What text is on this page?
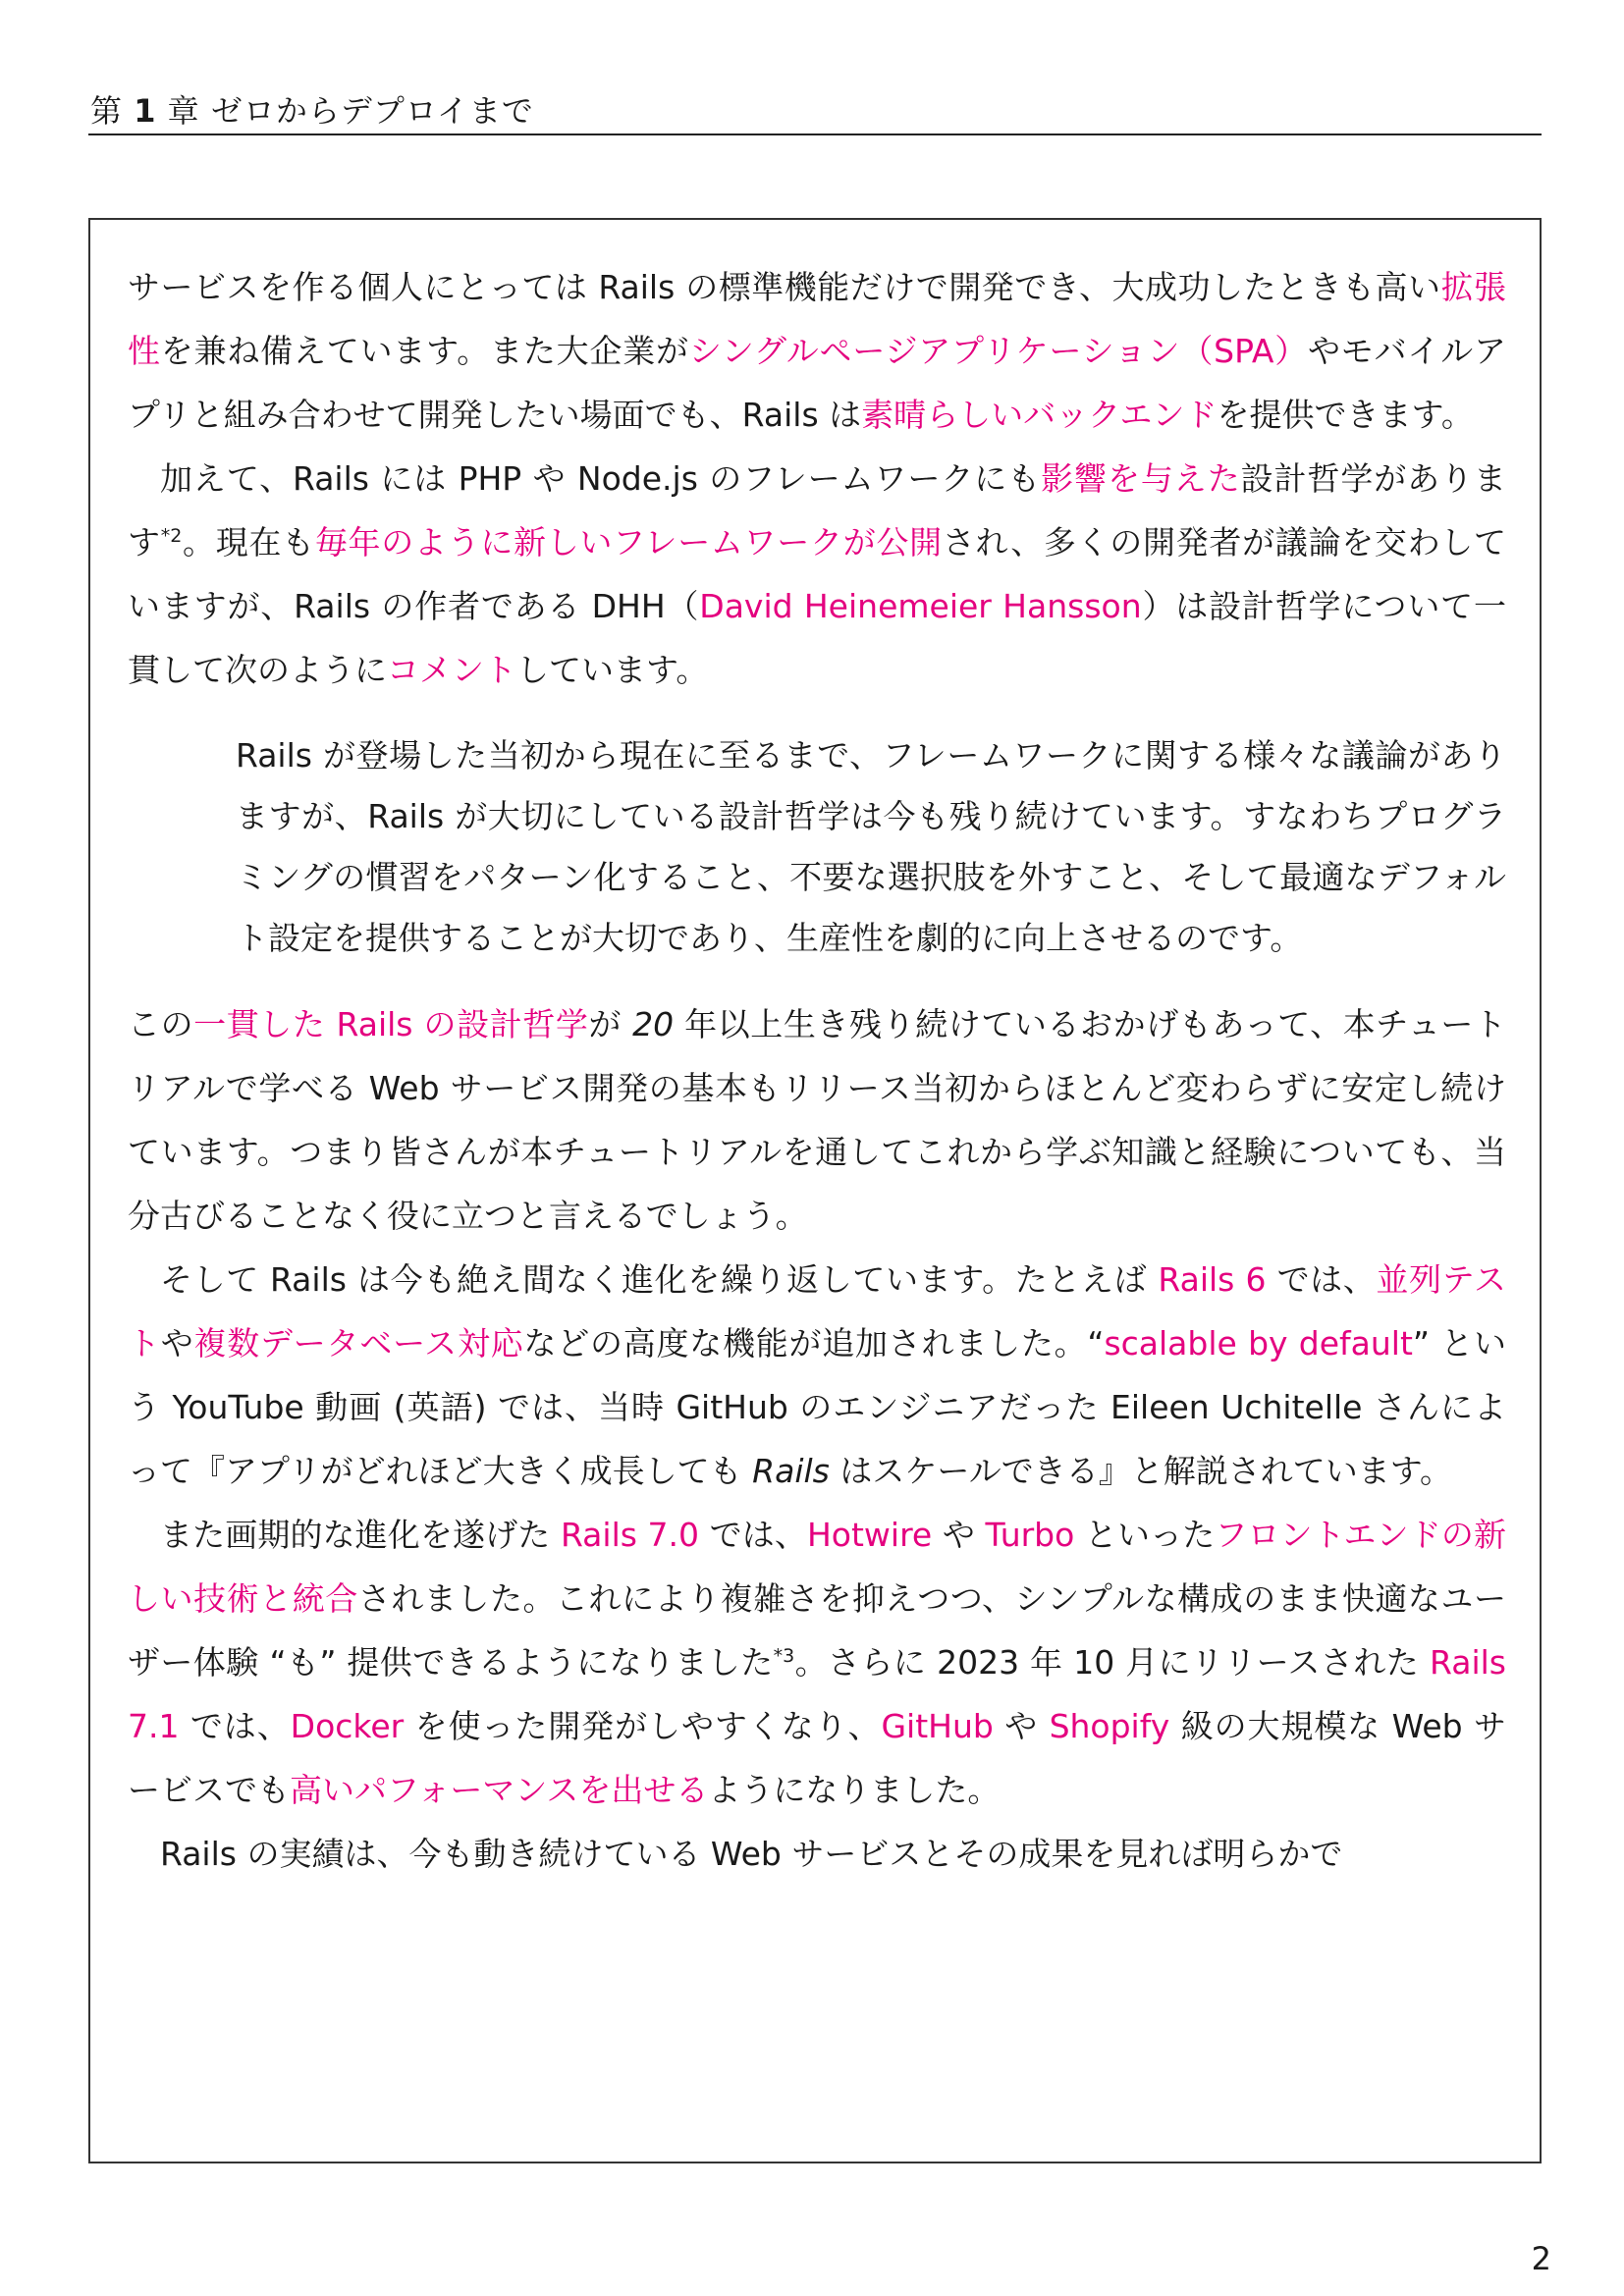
第 1 章 ゼロからデプロイまで

サービスを作る個人にとっては Rails の標準機能だけで開発でき、大成功したときも高い拡張性を兼ね備えています。また大企業がシングルページアプリケーション（SPA）やモバイルアプリと組み合わせて開発したい場面でも、Rails は素晴らしいバックエンドを提供できます。

加えて、Rails には PHP や Node.js のフレームワークにも影響を与えた設計哲学があります$^{*2}$。現在も毎年のように新しいフレームワークが公開され、多くの開発者が議論を交わしていますが、Rails の作者である DHH（David Heinemeier Hansson）は設計哲学について一貫して次のようにコメントしています。

Rails が登場した当初から現在に至るまで、フレームワークに関する様々な議論がありますが、Rails が大切にしている設計哲学は今も残り続けています。すなわちプログラミングの慣習をパターン化すること、不要な選択肢を外すこと、そして最適なデフォルト設定を提供することが大切であり、生産性を劇的に向上させるのです。

この一貫した Rails の設計哲学が 20 年以上生き残り続けているおかげもあって、本チュートリアルで学べる Web サービス開発の基本もリリース当初からほとんど変わらずに安定し続けています。つまり皆さんが本チュートリアルを通してこれから学ぶ知識と経験についても、当分古びることなく役に立つと言えるでしょう。

そして Rails は今も絶え間なく進化を繰り返しています。たとえば Rails 6 では、並列テストや複数データベース対応などの高度な機能が追加されました。“scalable by default” という YouTube 動画 (英語) では、当時 GitHub のエンジニアだった Eileen Uchitelle さんによって『アプリがどれほど大きく成長しても Rails はスケールできる』と解説されています。

また画期的な進化を遂げた Rails 7.0 では、Hotwire や Turbo といったフロントエンドの新しい技術と統合されました。これにより複雑さを抑えつつ、シンプルな構成のまま快適なユーザー体験 “も” 提供できるようになりました$^{*3}$。さらに 2023 年 10 月にリリースされた Rails 7.1 では、Docker を使った開発がしやすくなり、GitHub や Shopify 級の大規模な Web サービスでも高いパフォーマンスを出せるようになりました。

Rails の実績は、今も動き続けている Web サービスとその成果を見れば明らかで

2
